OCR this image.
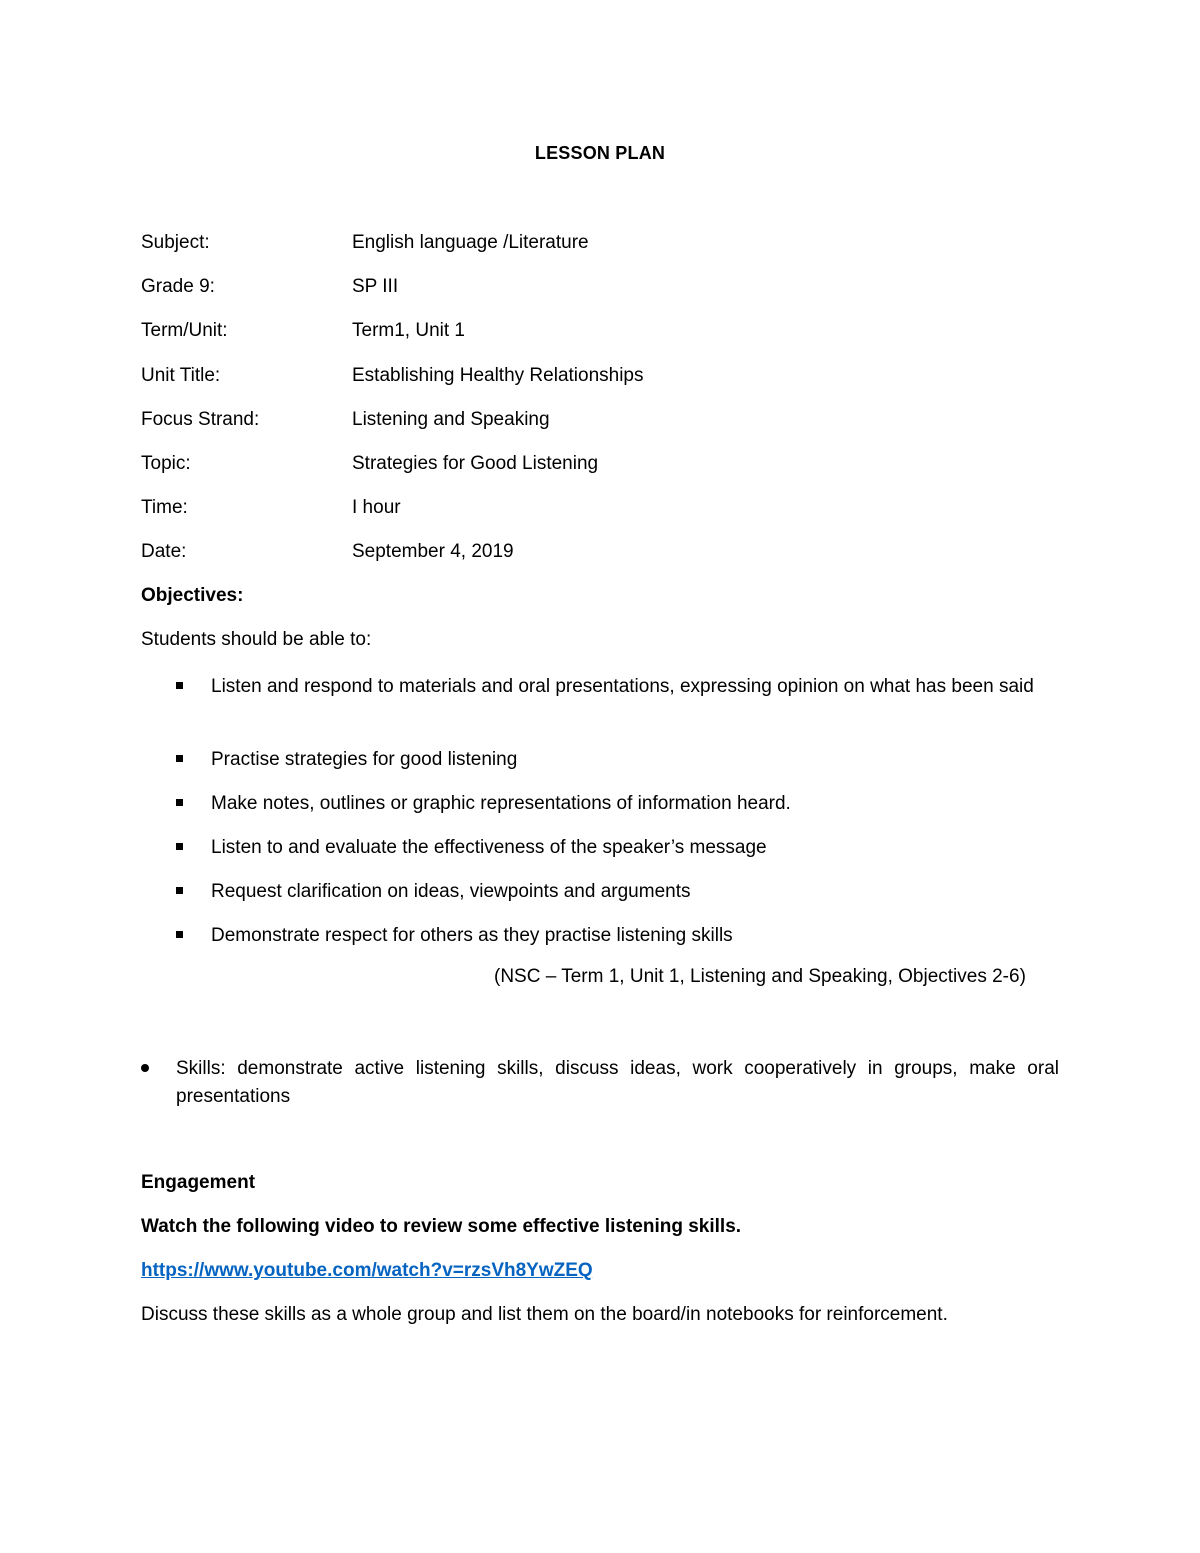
LESSON PLAN
Subject:	English language /Literature
Grade 9:	SP III
Term/Unit:	Term1, Unit 1
Unit Title:	Establishing Healthy Relationships
Focus Strand:	Listening and Speaking
Topic:	Strategies for Good Listening
Time:	I hour
Date:	September 4, 2019
Objectives:
Students should be able to:
Listen and respond to materials and oral presentations, expressing opinion on what has been said
Practise strategies for good listening
Make notes, outlines or graphic representations of information heard.
Listen to and evaluate the effectiveness of the speaker’s message
Request clarification on ideas, viewpoints and arguments
Demonstrate respect for others as they practise listening skills
(NSC – Term 1, Unit 1, Listening and Speaking, Objectives 2-6)
Skills: demonstrate active listening skills, discuss ideas, work cooperatively in groups, make oral presentations
Engagement
Watch the following video to review some effective listening skills.
https://www.youtube.com/watch?v=rzsVh8YwZEQ
Discuss these skills as a whole group and list them on the board/in notebooks for reinforcement.
